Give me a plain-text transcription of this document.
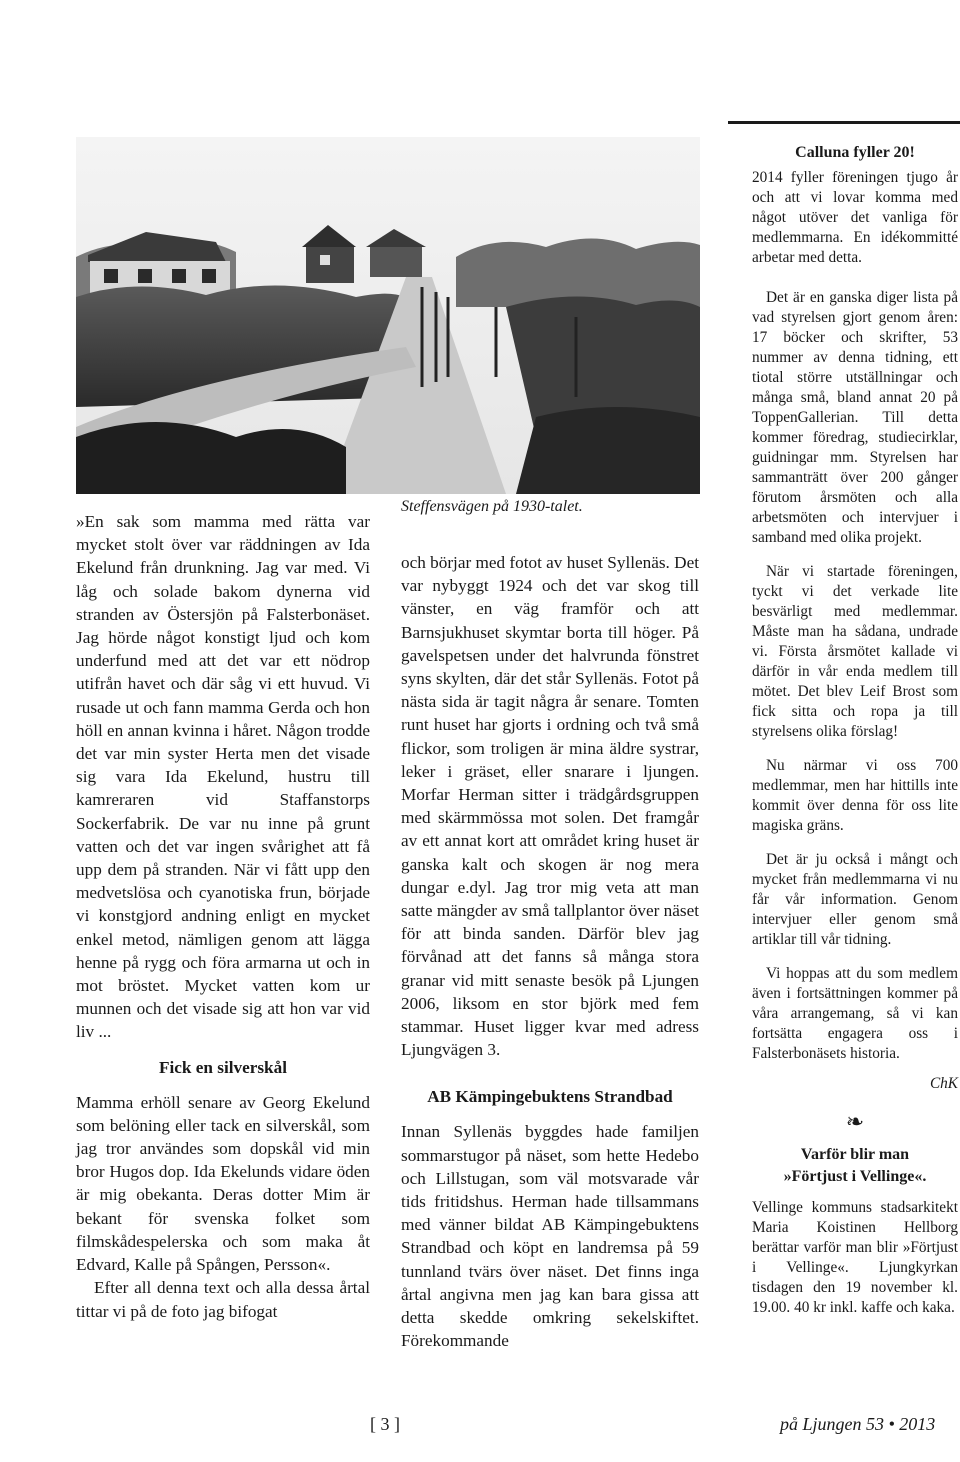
Steffensvägen på 1930-talet.

»En sak som mamma med rätta var mycket stolt över var räddningen av Ida Ekelund från drunkning. Jag var med. Vi låg och solade bakom dynerna vid stranden av Östersjön på Falsterbonäset. Jag hörde något konstigt ljud och kom underfund med att det var ett nödrop utifrån havet och där såg vi ett huvud. Vi rusade ut och fann mamma Gerda och hon höll en annan kvinna i håret. Någon trodde det var min syster Herta men det visade sig vara Ida Ekelund, hustru till kamreraren vid Staffanstorps Sockerfabrik. De var nu inne på grunt vatten och det var ingen svårighet att få upp dem på stranden. När vi fått upp den medvetslösa och cyanotiska frun, började vi konstgjord andning enligt en mycket enkel metod, nämligen genom att lägga henne på rygg och föra armarna ut och in mot bröstet. Mycket vatten kom ur munnen och det visade sig att hon var vid liv ...

Fick en silverskål

Mamma erhöll senare av Georg Ekelund som belöning eller tack en silverskål, som jag tror användes som dopskål vid min bror Hugos dop. Ida Ekelunds vidare öden är mig obekanta. Deras dotter Mim är bekant för svenska folket som filmskådespelerska och som maka åt Edvard, Kalle på Spången, Persson«.

Efter all denna text och alla dessa årtal tittar vi på de foto jag bifogat

och börjar med fotot av huset Syllenäs. Det var nybyggt 1924 och det var skog till vänster, en väg framför och att Barnsjukhuset skymtar borta till höger. På gavelspetsen under det halvrunda fönstret syns skylten, där det står Syllenäs. Fotot på nästa sida är tagit några år senare. Tomten runt huset har gjorts i ordning och två små flickor, som troligen är mina äldre systrar, leker i gräset, eller snarare i ljungen. Morfar Herman sitter i trädgårdsgruppen med skärmmössa mot solen. Det framgår av ett annat kort att området kring huset är ganska kalt och skogen är nog mera dungar e.dyl. Jag tror mig veta att man satte mängder av små tallplantor över näset för att binda sanden. Därför blev jag förvånad att det fanns så många stora granar vid mitt senaste besök på Ljungen 2006, liksom en stor björk med fem stammar. Huset ligger kvar med adress Ljungvägen 3.

AB Kämpingebuktens Strandbad

Innan Syllenäs byggdes hade familjen sommarstugor på näset, som hette Hedebo och Lillstugan, som väl motsvarade vår tids fritidshus. Herman hade tillsammans med vänner bildat AB Kämpingebuktens Strandbad och köpt en landremsa på 59 tunnland tvärs över näset. Det finns inga årtal angivna men jag kan bara gissa att detta skedde omkring sekelskiftet. Förekommande

Calluna fyller 20!

2014 fyller föreningen tjugo år och att vi lovar komma med något utöver det vanliga för medlemmarna. En idékommitté arbetar med detta.

Det är en ganska diger lista på vad styrelsen gjort genom åren: 17 böcker och skrifter, 53 nummer av denna tidning, ett tiotal större utställningar och många små, bland annat 20 på ToppenGallerian. Till detta kommer föredrag, studiecirklar, guidningar mm. Styrelsen har sammanträtt över 200 gånger förutom årsmöten och alla arbetsmöten och intervjuer i samband med olika projekt.

När vi startade föreningen, tyckt vi det verkade lite besvärligt med medlemmar. Måste man ha sådana, undrade vi. Första årsmötet kallade vi därför in vår enda medlem till mötet. Det blev Leif Brost som fick sitta och ropa ja till styrelsens olika förslag!

Nu närmar vi oss 700 medlemmar, men har hittills inte kommit över denna för oss lite magiska gräns.

Det är ju också i mångt och mycket från medlemmarna vi nu får vår information. Genom intervjuer eller genom små artiklar till vår tidning.

Vi hoppas att du som medlem även i fortsättningen kommer på våra arrangemang, så vi kan fortsätta engagera oss i Falsterbonäsets historia.

ChK

❧

Varför blir man

»Förtjust i Vellinge«.

Vellinge kommuns stadsarkitekt Maria Koistinen Hellborg berättar varför man blir »Förtjust i Vellinge«. Ljungkyrkan tisdagen den 19 november kl. 19.00. 40 kr inkl. kaffe och kaka.

[ 3 ]	på Ljungen 53 • 2013
